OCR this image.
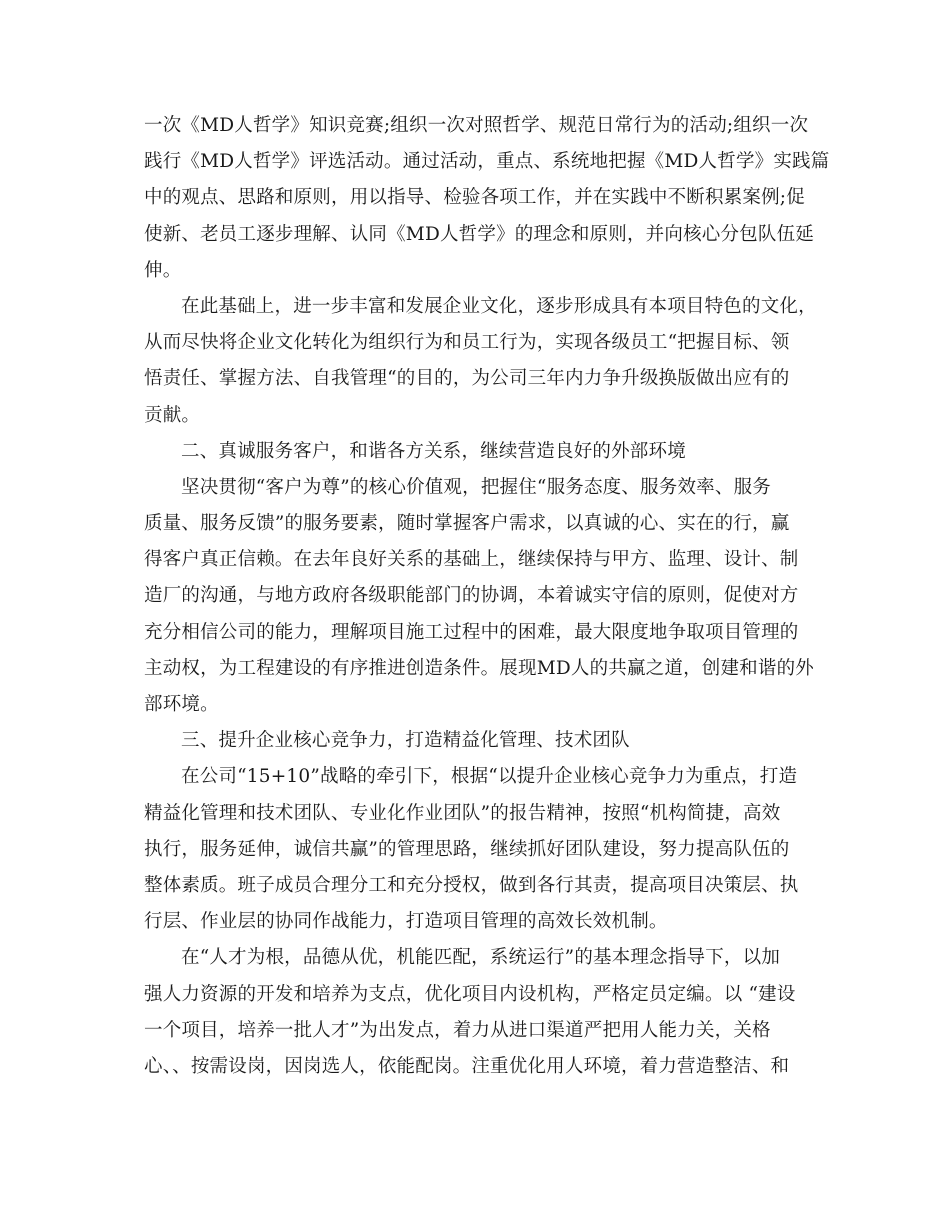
一次《MD人哲学》知识竞赛;组织一次对照哲学、规范日常行为的活动;组织一次
践行《MD人哲学》评选活动。通过活动，重点、系统地把握《MD人哲学》实践篇
中的观点、思路和原则，用以指导、检验各项工作，并在实践中不断积累案例;促
使新、老员工逐步理解、认同《MD人哲学》的理念和原则，并向核心分包队伍延
伸。
在此基础上，进一步丰富和发展企业文化，逐步形成具有本项目特色的文化，
从而尽快将企业文化转化为组织行为和员工行为，实现各级员工“把握目标、领
悟责任、掌握方法、自我管理“的目的，为公司三年内力争升级换版做出应有的
贡献。
二、真诚服务客户，和谐各方关系，继续营造良好的外部环境
坚决贯彻“客户为尊”的核心价值观，把握住“服务态度、服务效率、服务
质量、服务反馈”的服务要素，随时掌握客户需求，以真诚的心、实在的行，赢
得客户真正信赖。在去年良好关系的基础上，继续保持与甲方、监理、设计、制
造厂的沟通，与地方政府各级职能部门的协调，本着诚实守信的原则，促使对方
充分相信公司的能力，理解项目施工过程中的困难，最大限度地争取项目管理的
主动权，为工程建设的有序推进创造条件。展现MD人的共赢之道，创建和谐的外
部环境。
三、提升企业核心竞争力，打造精益化管理、技术团队
在公司“15+10”战略的牵引下，根据“以提升企业核心竞争力为重点，打造
精益化管理和技术团队、专业化作业团队”的报告精神，按照“机构简捷，高效
执行，服务延伸，诚信共赢”的管理思路，继续抓好团队建设，努力提高队伍的
整体素质。班子成员合理分工和充分授权，做到各行其责，提高项目决策层、执
行层、作业层的协同作战能力，打造项目管理的高效长效机制。
在“人才为根，品德从优，机能匹配，系统运行”的基本理念指导下，以加
强人力资源的开发和培养为支点，优化项目内设机构，严格定员定编。以 “建设
一个项目，培养一批人才”为出发点，着力从进口渠道严把用人能力关，关格
心、、按需设岗，因岗选人，依能配岗。注重优化用人环境，着力营造整洁、和
